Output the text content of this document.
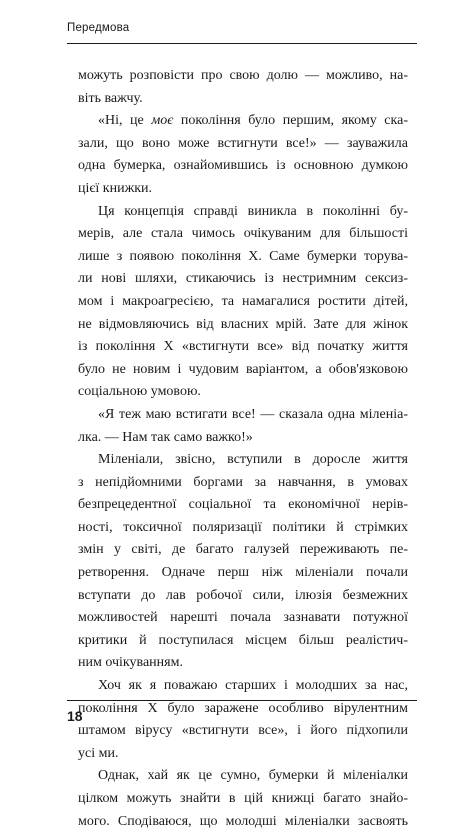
Передмова
можуть розповісти про свою долю — можливо, на-
віть важчу.
«Ні, це моє покоління було першим, якому ска-
зали, що воно може встигнути все!» — зауважила
одна бумерка, ознайомившись із основною думкою
цієї книжки.
Ця концепція справді виникла в поколінні бу-
мерів, але стала чимось очікуваним для більшості
лише з появою покоління Х. Саме бумерки торува-
ли нові шляхи, стикаючись із нестримним сексиз-
мом і макроагресією, та намагалися ростити дітей,
не відмовляючись від власних мрій. Зате для жінок
із покоління Х «встигнути все» від початку життя
було не новим і чудовим варіантом, а обов'язковою
соціальною умовою.
«Я теж маю встигати все! — сказала одна міленіа-
лка. — Нам так само важко!»
Міленіали, звісно, вступили в доросле життя
з непідйомними боргами за навчання, в умовах
безпрецедентної соціальної та економічної нерів-
ності, токсичної поляризації політики й стрімких
змін у світі, де багато галузей переживають пе-
ретворення. Одначе перш ніж міленіали почали
вступати до лав робочої сили, ілюзія безмежних
можливостей нарешті почала зазнавати потужної
критики й поступилася місцем більш реалістич-
ним очікуванням.
Хоч як я поважаю старших і молодших за нас,
покоління Х було заражене особливо вірулентним
штамом вірусу «встигнути все», і його підхопили
усі ми.
Однак, хай як це сумно, бумерки й міленіалки
цілком можуть знайти в цій книжці багато знайо-
мого. Сподіваюся, що молодші міленіалки засвоять
18
